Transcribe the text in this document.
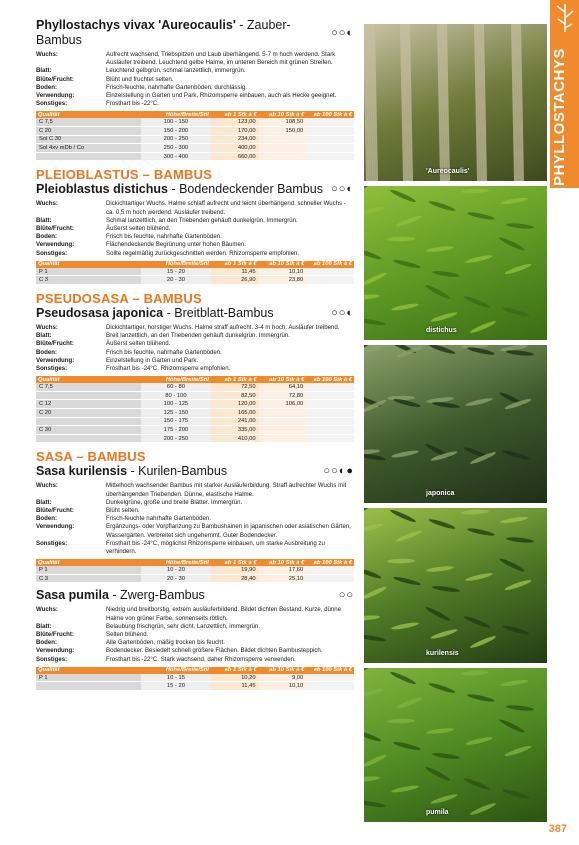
PHYLLOSTACHYS
Phyllostachys vivax 'Aureocaulis' - Zauber-Bambus
○○◐
Wuchs:	Aufrecht wachsend, Triebspitzen und Laub überhängend. 5-7 m hoch werdend. Stark Ausläufer treibend. Leuchtend gelbe Halme, im unteren Bereich mit grünen Streifen.
Blatt:	Leuchtend gelbgrün, schmal lanzettlich, immergrün.
Blüte/Frucht:	Blüht und fruchtet selten.
Boden:	Frisch-feuchte, nahrhafte Gartenböden, durchlässig.
Verwendung:	Einzelstellung in Garten und Park, Rhizomsperre einbauen, auch als Hecke geeignet.
Sonstiges:	Frosthart bis -22°C.
Qualität	Höhe/Breite/Stil	ab 1 Stk à €	ab 10 Stk à €	ab 100 Stk à €
C 7,5	100 - 150	123,00	108,50	
C 20	150 - 200	170,00	150,00	
Sol C 30	200 - 250	234,00		
Sol 4xv mDb / Co	250 - 300	400,00		
	300 - 400	660,00		
PLEIOBLASTUS – BAMBUS
Pleioblastus distichus - Bodendeckender Bambus ○○◐
Wuchs:	Dickichtartiger Wuchs. Halme schlaff aufrecht und leicht überhängend. schneller Wuchs - ca. 0,5 m hoch werdend. Ausläufer treibend.
Blatt:	Schmal lanzettlich, an den Triebenden gehäuft dunkelgrün. Immergrün.
Blüte/Frucht:	Äußerst selten blühend.
Boden:	Frisch bis feuchte, nahrhafte Gartenböden.
Verwendung:	Flächendeckende Begrünung unter hohen Bäumen.
Sonstiges:	Sollte regelmäßig zurückgeschnitten werden. Rhizomsperre empfohlen.
Qualität	Höhe/Breite/Stil	ab 1 Stk à €	ab 10 Stk à €	ab 100 Stk à €
P 1	15 - 20	11,45	10,10	
C 3	20 - 30	26,90	23,80	
PSEUDOSASA – BAMBUS
Pseudosasa japonica - Breitblatt-Bambus	○○◐
Wuchs:	Dickichtartiger, horstiger Wuchs. Halme straff aufrecht. 3-4 m hoch. Ausläufer treibend.
Blatt:	Breit lanzettlich, an den Triebenden gehäuft dunkelgrün. Immergrün.
Blüte/Frucht:	Äußerst selten blühend.
Boden:	Frisch bis feuchte, nahrhafte Gartenböden.
Verwendung:	Einzelstellung in Garten und Park.
Sonstiges:	Frosthart bis -24°C. Rhizomsperre empfohlen.
Qualität	Höhe/Breite/Stil	ab 1 Stk à €	ab 10 Stk à €	ab 100 Stk à €
C 7,5	60 - 80	72,50	64,10	
	80 - 100	82,50	72,80	
C 12	100 - 125	120,00	106,00	
C 20	125 - 150	165,00		
	150 - 175	241,00		
C 30	175 - 200	335,00		
	200 - 250	410,00		
SASA – BAMBUS
Sasa kurilensis - Kurilen-Bambus	○○◐●
Wuchs:	Mittelhoch wachsender Bambus mit starker Ausläuferbildung. Straff aufrechter Wuchs mit überhängenden Triebenden. Dünne, elastische Halme.
Blatt:	Dunkelgrüne, große und breite Blätter. Immergrün.
Blüte/Frucht:	Blüht selten.
Boden:	Frisch-feuchte nahrhafte Gartenböden.
Verwendung:	Ergänzungs- oder Vorpflanzung zu Bambushainen in japanischen oder asiatischen Gärten, Wassergärten. Verbreitet sich ungehemmt. Guter Bodendecker.
Sonstiges:	Frosthart bis -24°C, möglichst Rhizomsperre einbauen, um starke Ausbreitung zu verhindern.
Qualität	Höhe/Breite/Stil	ab 1 Stk à €	ab 10 Stk à €	ab 100 Stk à €
P 1	10 - 20	19,90	17,60	
C 3	20 - 30	28,40	25,10	
Sasa pumila - Zwerg-Bambus	○○
Wuchs:	Niedrig und breitborstig, extrem ausläuferbildend. Bildet dichten Bestand. Kurze, dünne Halme von grüner Farbe, sonnenseits rötlich.
Blatt:	Belaubung frischgrün, sehr dicht. Lanzettlich, immergrün.
Blüte/Frucht:	Selten blühend.
Boden:	Alle Gartenböden, mäßig trocken bis feucht.
Verwendung:	Bodendecker. Besiedelt schnell größere Flächen. Bildet dichten Bambusteppich.
Sonstiges:	Frosthart bis -22°C. Stark wachsend, daher Rhizomsperre verwenden.
Qualität	Höhe/Breite/Stil	ab 1 Stk à €	ab 10 Stk à €	ab 100 Stk à €
P 1	10 - 15	10,20	9,00	
	15 - 20	11,45	10,10	
'Aureocaulis'
distichus
japonica
kurilensis
pumila
387
